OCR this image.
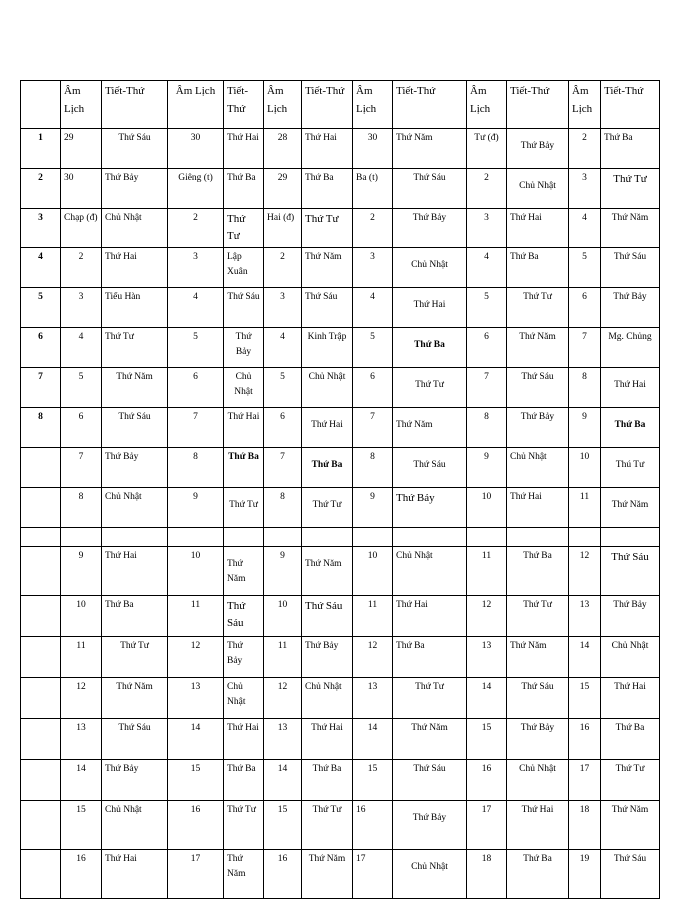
	Âm Lịch	Tiết-Thứ	Âm Lịch	Tiết-Thứ	Âm Lịch	Tiết-Thứ	Âm Lịch	Tiết-Thứ	Âm Lịch	Tiết-Thứ	Âm Lịch	Tiết-Thứ
1	29	Thứ Sáu	30	Thứ Hai	28	Thứ Hai	30	Thứ Năm	Tư (đ)	Thứ Bảy	2	Thứ Ba
2	30	Thứ Bảy	Giêng (t)	Thứ Ba	29	Thứ Ba	Ba (t)	Thứ Sáu	2	Chủ Nhật	3	Thứ Tư
3	Chạp (đ)	Chủ Nhật	2	Thứ Tư	Hai (đ)	Thứ Tư	2	Thứ Bảy	3	Thứ Hai	4	Thứ Năm
4	2	Thứ Hai	3	Lập Xuân	2	Thứ Năm	3	Chủ Nhật	4	Thứ Ba	5	Thứ Sáu
5	3	Tiểu Hàn	4	Thứ Sáu	3	Thứ Sáu	4	Thứ Hai	5	Thứ Tư	6	Thứ Bảy
6	4	Thứ Tư	5	Thứ Bảy	4	Kinh Trập	5	Thứ Ba	6	Thứ Năm	7	Mg. Chủng
7	5	Thứ Năm	6	Chủ Nhật	5	Chủ Nhật	6	Thứ Tư	7	Thứ Sáu	8	Thứ Hai
8	6	Thứ Sáu	7	Thứ Hai	6	Thứ Hai	7	Thứ Năm	8	Thứ Bảy	9	Thứ Ba
	7	Thứ Bảy	8	Thứ Ba	7	Thứ Ba	8	Thứ Sáu	9	Chủ Nhật	10	Thú Tư
	8	Chủ Nhật	9	Thứ Tư	8	Thứ Tư	9	Thứ Bảy	10	Thứ Hai	11	Thứ Năm

	9	Thứ Hai	10	Thứ Năm	9	Thứ Năm	10	Chủ Nhật	11	Thứ Ba	12	Thứ Sáu
	10	Thứ Ba	11	Thứ Sáu	10	Thứ Sáu	11	Thứ Hai	12	Thứ Tư	13	Thứ Bảy
	11	Thứ Tư	12	Thứ Bảy	11	Thứ Bảy	12	Thứ Ba	13	Thứ Năm	14	Chủ Nhật
	12	Thứ Năm	13	Chủ Nhật	12	Chủ Nhật	13	Thứ Tư	14	Thứ Sáu	15	Thứ Hai
	13	Thứ Sáu	14	Thứ Hai	13	Thứ Hai	14	Thứ Năm	15	Thứ Bảy	16	Thứ Ba
	14	Thứ Bảy	15	Thứ Ba	14	Thứ Ba	15	Thứ Sáu	16	Chủ Nhật	17	Thứ Tư
	15	Chủ Nhật	16	Thứ Tư	15	Thứ Tư	16	Thứ Bảy	17	Thứ Hai	18	Thứ Năm
	16	Thứ Hai	17	Thứ Năm	16	Thứ Năm	17	Chủ Nhật	18	Thứ Ba	19	Thứ Sáu
